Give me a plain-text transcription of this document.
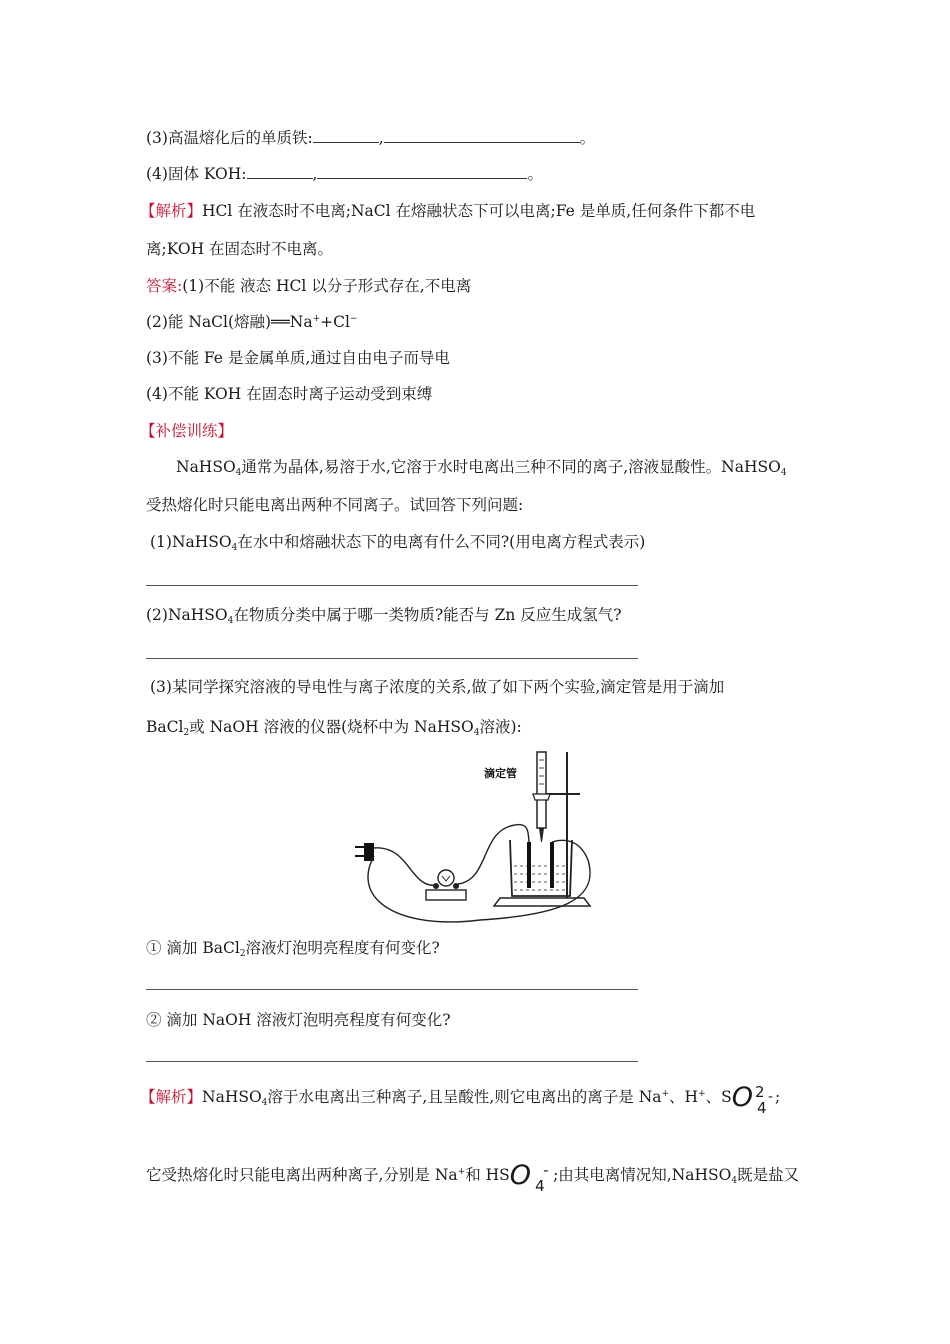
(3)高温熔化后的单质铁:	,	。
(4)固体 KOH:	,	。
【解析】HCl 在液态时不电离;NaCl 在熔融状态下可以电离;Fe 是单质,任何条件下都不电
离;KOH 在固态时不电离。
答案:(1)不能 液态 HCl 以分子形式存在,不电离
(2)能 NaCl(熔融)══Na++Cl−
(3)不能 Fe 是金属单质,通过自由电子而导电
(4)不能 KOH 在固态时离子运动受到束缚
【补偿训练】
NaHSO$_4$通常为晶体,易溶于水,它溶于水时电离出三种不同的离子,溶液显酸性。NaHSO$_4$
受热熔化时只能电离出两种不同离子。试回答下列问题:
(1)NaHSO$_4$在水中和熔融状态下的电离有什么不同?(用电离方程式表示)
(2)NaHSO$_4$在物质分类中属于哪一类物质?能否与 Zn 反应生成氢气?
(3)某同学探究溶液的导电性与离子浓度的关系,做了如下两个实验,滴定管是用于滴加
BaCl$_2$或 NaOH 溶液的仪器(烧杯中为 NaHSO$_4$溶液):
滴定管
① 滴加 BaCl$_2$溶液灯泡明亮程度有何变化?
② 滴加 NaOH 溶液灯泡明亮程度有何变化?
【解析】NaHSO$_4$溶于水电离出三种离子,且呈酸性,则它电离出的离子是 Na+、H+、SO 2 -
4
;
它受热熔化时只能电离出两种离子,分别是 Na+和 HSO -
4
;由其电离情况知,NaHSO$_4$既是盐又
